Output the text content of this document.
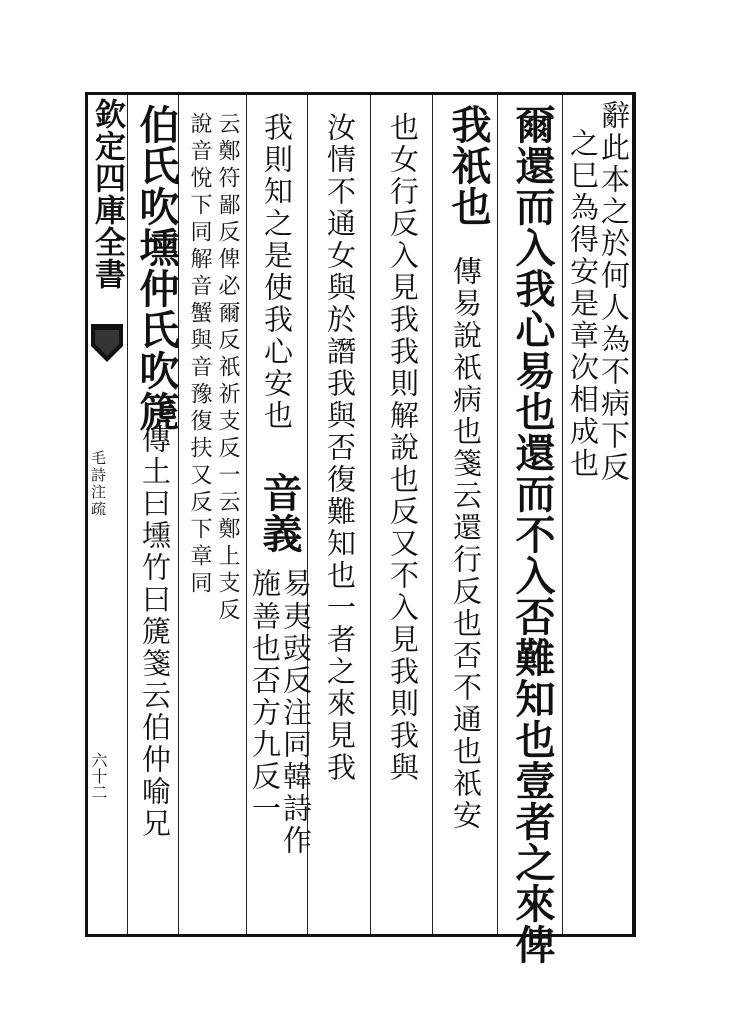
欽定四庫全書
毛詩注疏
六十二
辭此本之於何人為不病下反
之巳為得安是章次相成也
爾還而入我心易也還而不入否難知也壹者之來俾
我祇也
傳易說祇病也箋云還行反也否不通也祇安
也女行反入見我我則解說也反又不入見我則我與
汝情不通女與於譖我與否復難知也一者之來見我
我則知之是使我心安也
音義
易
施
夷豉反注同韓詩作
善也否方九反一
云鄭符鄙反俾必爾反祇祈支反一云鄭上支反
說音悅下同解音蟹與音豫復扶又反下章同
伯氏吹壎仲氏吹篪
傳土曰壎竹曰篪箋云伯仲喻兄
